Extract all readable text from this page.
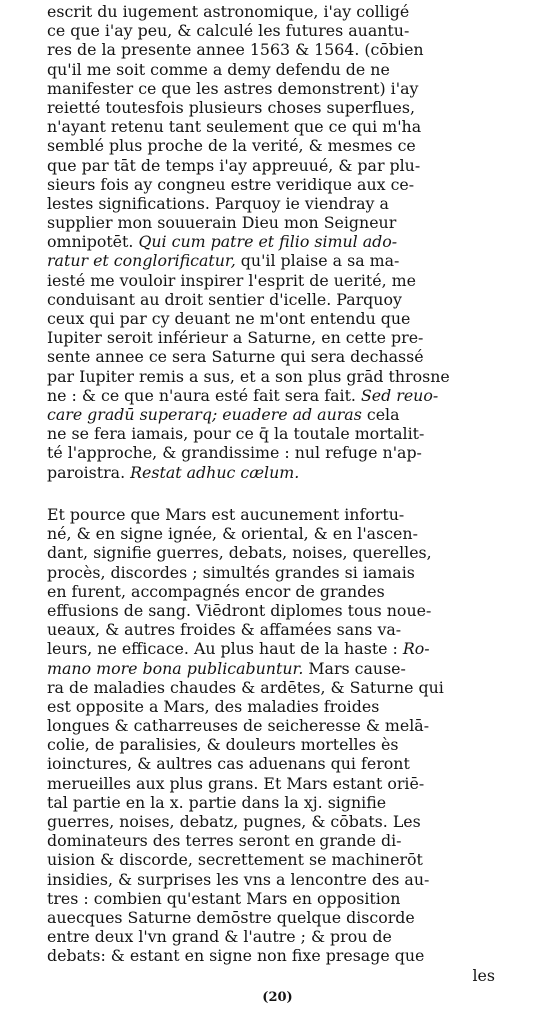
escrit du iugement astronomique, i'ay colligé
ce que i'ay peu, & calculé les futures auantu-
res de la presente annee 1563 & 1564. (cōbien
qu'il me soit comme a demy defendu de ne
manifester ce que les astres demonstrent) i'ay
reietté toutesfois plusieurs choses superflues,
n'ayant retenu tant seulement que ce qui m'ha
semblé plus proche de la verité, & mesmes ce
que par tāt de temps i'ay appreuué, & par plu-
sieurs fois ay congneu estre veridique aux ce-
lestes significations. Parquoy ie viendray a
supplier mon souuerain Dieu mon Seigneur
omnipotēt. Qui cum patre et filio simul ado-
ratur et conglorificatur, qu'il plaise a sa ma-
iesté me vouloir inspirer l'esprit de uerité, me
conduisant au droit sentier d'icelle. Parquoy
ceux qui par cy deuant ne m'ont entendu que
Iupiter seroit inférieur a Saturne, en cette pre-
sente annee ce sera Saturne qui sera dechassé
par Iupiter remis a sus, et a son plus grād throsne
ne : & ce que n'aura esté fait sera fait. Sed reuo-
care gradū superarq; euadere ad auras cela
ne se fera iamais, pour ce q̄ la toutale mortalit-
té l'approche, & grandissime : nul refuge n'ap-
paroistra. Restat adhuc cælum.
Et pource que Mars est aucunement infortu-
né, & en signe ignée, & oriental, & en l'ascen-
dant, signifie guerres, debats, noises, querelles,
procès, discordes ; simultés grandes si iamais
en furent, accompagnés encor de grandes
effusions de sang. Viēdront diplomes tous noue-
ueaux, & autres froides & affamées sans va-
leurs, ne efficace. Au plus haut de la haste : Ro-
mano more bona publicabuntur. Mars cause-
ra de maladies chaudes & ardētes, & Saturne qui
est opposite a Mars, des maladies froides
longues & catharreuses de seicheresse & melā-
colie, de paralisies, & douleurs mortelles ès
ioinctures, & aultres cas aduenans qui feront
merueilles aux plus grans. Et Mars estant oriē-
tal partie en la x. partie dans la xj. signifie
guerres, noises, debatz, pugnes, & cōbats. Les
dominateurs des terres seront en grande di-
uision & discorde, secrettement se machinerōt
insidies, & surprises les vns a lencontre des au-
tres : combien qu'estant Mars en opposition
auecques Saturne demōstre quelque discorde
entre deux l'vn grand & l'autre ; & prou de
debats: & estant en signe non fixe presage que
les
(20)
